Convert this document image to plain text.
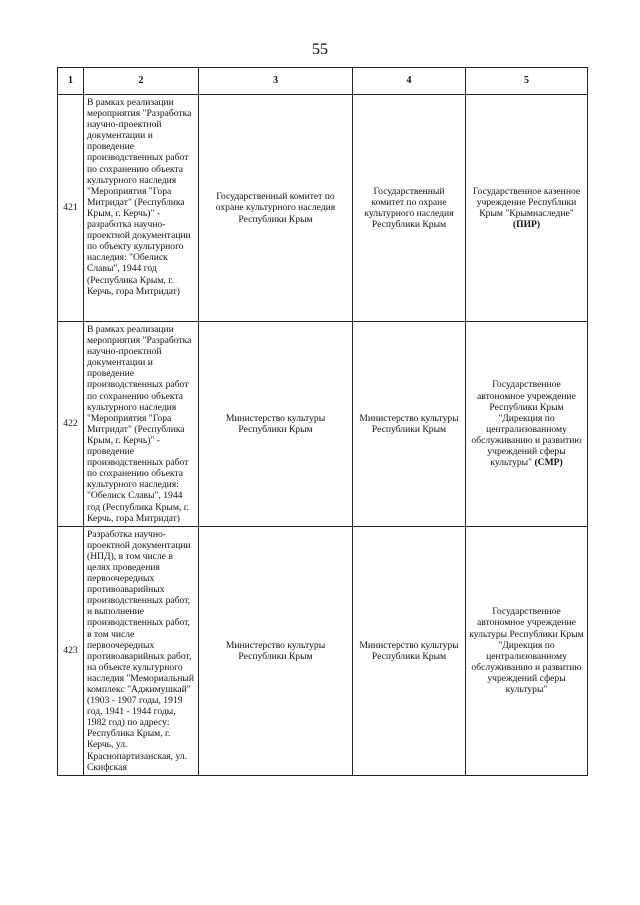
55
1	2	3	4	5
421	В рамках реализации мероприятия "Разработка научно-проектной документации и проведение производственных работ по сохранению объекта культурного наследия "Мероприятия "Гора Митридат" (Республика Крым, г. Керчь)" - разработка научно-проектной документации по объекту культурного наследия: "Обелиск Славы", 1944 год (Республика Крым, г. Керчь, гора Митридат)	Государственный комитет по охране культурного наследия Республики Крым	Государственный комитет по охране культурного наследия Республики Крым	Государственное казенное учреждение Республики Крым "Крымнаследие" (ПИР)
422	В рамках реализации мероприятия "Разработка научно-проектной документации и проведение производственных работ по сохранению объекта культурного наследия "Мероприятия "Гора Митридат" (Республика Крым, г. Керчь)" - проведение производственных работ по сохранению объекта культурного наследия: "Обелиск Славы", 1944 год (Республика Крым, г. Керчь, гора Митридат)	Министерство культуры Республики Крым	Министерство культуры Республики Крым	Государственное автономное учреждение Республики Крым "Дирекция по централизованному обслуживанию и развитию учреждений сферы культуры" (СМР)
423	Разработка научно-проектной документации (НПД), в том числе в целях проведения первоочередных противоаварийных производственных работ, и выполнение производственных работ, в том числе первоочередных противоаварийных работ, на объекте культурного наследия "Мемориальный комплекс "Аджимушкай" (1903 - 1907 годы, 1919 год, 1941 - 1944 годы, 1982 год) по адресу: Республика Крым, г. Керчь, ул. Краснопартизанская, ул. Скифская	Министерство культуры Республики Крым	Министерство культуры Республики Крым	Государственное автономное учреждение культуры Республики Крым "Дирекция по централизованному обслуживанию и развитию учреждений сферы культуры"
